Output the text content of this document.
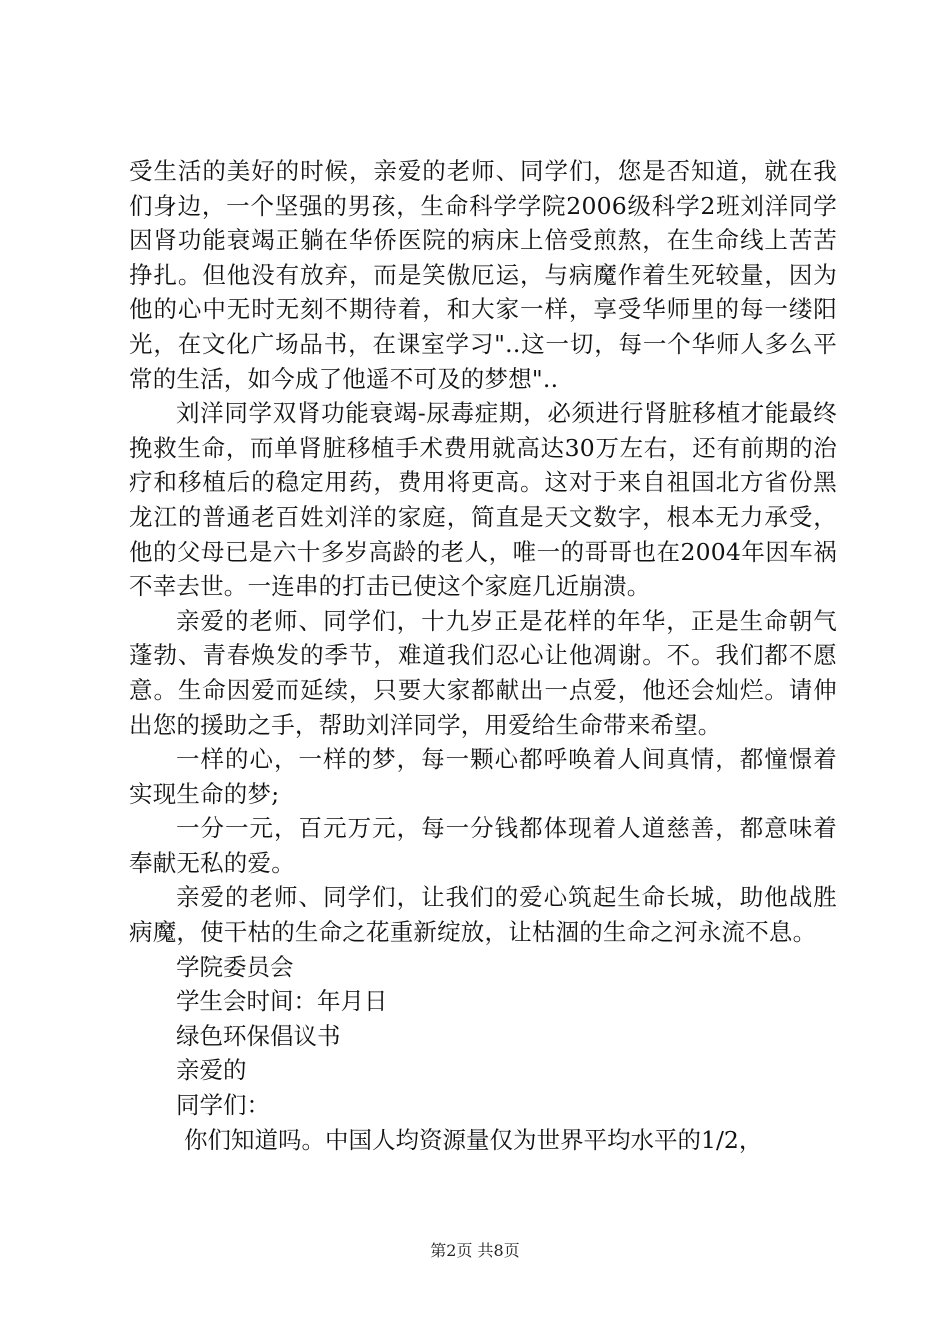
受生活的美好的时候，亲爱的老师、同学们，您是否知道，就在我们身边，一个坚强的男孩，生命科学学院2006级科学2班刘洋同学因肾功能衰竭正躺在华侨医院的病床上倍受煎熬，在生命线上苦苦挣扎。但他没有放弃，而是笑傲厄运，与病魔作着生死较量，因为他的心中无时无刻不期待着，和大家一样，享受华师里的每一缕阳光，在文化广场品书，在课室学习"..这一切，每一个华师人多么平常的生活，如今成了他遥不可及的梦想"..

刘洋同学双肾功能衰竭-尿毒症期，必须进行肾脏移植才能最终挽救生命，而单肾脏移植手术费用就高达30万左右，还有前期的治疗和移植后的稳定用药，费用将更高。这对于来自祖国北方省份黑龙江的普通老百姓刘洋的家庭，简直是天文数字，根本无力承受，他的父母已是六十多岁高龄的老人，唯一的哥哥也在2004年因车祸不幸去世。一连串的打击已使这个家庭几近崩溃。

亲爱的老师、同学们，十九岁正是花样的年华，正是生命朝气蓬勃、青春焕发的季节，难道我们忍心让他凋谢。不。我们都不愿意。生命因爱而延续，只要大家都献出一点爱，他还会灿烂。请伸出您的援助之手，帮助刘洋同学，用爱给生命带来希望。

一样的心，一样的梦，每一颗心都呼唤着人间真情，都憧憬着实现生命的梦;

一分一元，百元万元，每一分钱都体现着人道慈善，都意味着奉献无私的爱。

亲爱的老师、同学们，让我们的爱心筑起生命长城，助他战胜病魔，使干枯的生命之花重新绽放，让枯涸的生命之河永流不息。

学院委员会

学生会时间：年月日

绿色环保倡议书

亲爱的

同学们：

你们知道吗。中国人均资源量仅为世界平均水平的1/2，

第2页 共8页
